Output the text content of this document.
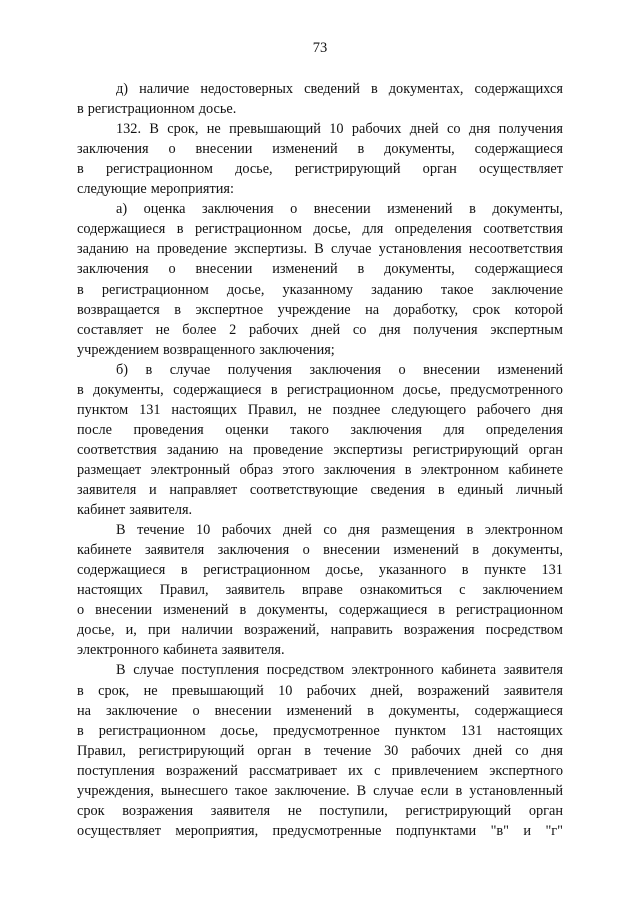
73
д) наличие недостоверных сведений в документах, содержащихся
в регистрационном досье.
132. В срок, не превышающий 10 рабочих дней со дня получения
заключения о внесении изменений в документы, содержащиеся
в регистрационном досье, регистрирующий орган осуществляет
следующие мероприятия:
а) оценка заключения о внесении изменений в документы,
содержащиеся в регистрационном досье, для определения соответствия
заданию на проведение экспертизы. В случае установления несоответствия
заключения о внесении изменений в документы, содержащиеся
в регистрационном досье, указанному заданию такое заключение
возвращается в экспертное учреждение на доработку, срок которой
составляет не более 2 рабочих дней со дня получения экспертным
учреждением возвращенного заключения;
б) в случае получения заключения о внесении изменений
в документы, содержащиеся в регистрационном досье, предусмотренного
пунктом 131 настоящих Правил, не позднее следующего рабочего дня
после проведения оценки такого заключения для определения
соответствия заданию на проведение экспертизы регистрирующий орган
размещает электронный образ этого заключения в электронном кабинете
заявителя и направляет соответствующие сведения в единый личный
кабинет заявителя.
В течение 10 рабочих дней со дня размещения в электронном
кабинете заявителя заключения о внесении изменений в документы,
содержащиеся в регистрационном досье, указанного в пункте 131
настоящих Правил, заявитель вправе ознакомиться с заключением
о внесении изменений в документы, содержащиеся в регистрационном
досье, и, при наличии возражений, направить возражения посредством
электронного кабинета заявителя.
В случае поступления посредством электронного кабинета заявителя
в срок, не превышающий 10 рабочих дней, возражений заявителя
на заключение о внесении изменений в документы, содержащиеся
в регистрационном досье, предусмотренное пунктом 131 настоящих
Правил, регистрирующий орган в течение 30 рабочих дней со дня
поступления возражений рассматривает их с привлечением экспертного
учреждения, вынесшего такое заключение. В случае если в установленный
срок возражения заявителя не поступили, регистрирующий орган
осуществляет мероприятия, предусмотренные подпунктами "в" и "г"
